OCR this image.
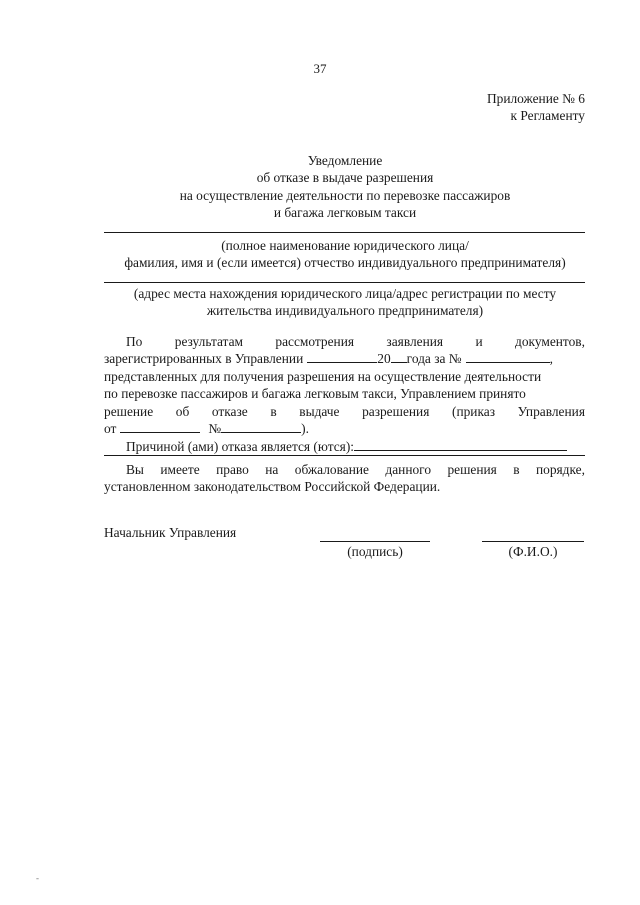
37
Приложение № 6
к Регламенту
Уведомление
об отказе в выдаче разрешения
на осуществление деятельности по перевозке пассажиров
и багажа легковым такси
(полное наименование юридического лица/
фамилия, имя и (если имеется) отчество индивидуального предпринимателя)
(адрес места нахождения юридического лица/адрес регистрации по месту
жительства индивидуального предпринимателя)
По результатам рассмотрения заявления и документов,
зарегистрированных в Управлении	20 года за №	,
представленных для получения разрешения на осуществление деятельности
по перевозке пассажиров и багажа легковым такси, Управлением принято
решение об отказе в выдаче разрешения (приказ Управления
от	№	).
Причиной (ами) отказа является (ются):
Вы имеете право на обжалование данного решения в порядке,
установленном законодательством Российской Федерации.
Начальник Управления
(подпись)	(Ф.И.О.)
-
